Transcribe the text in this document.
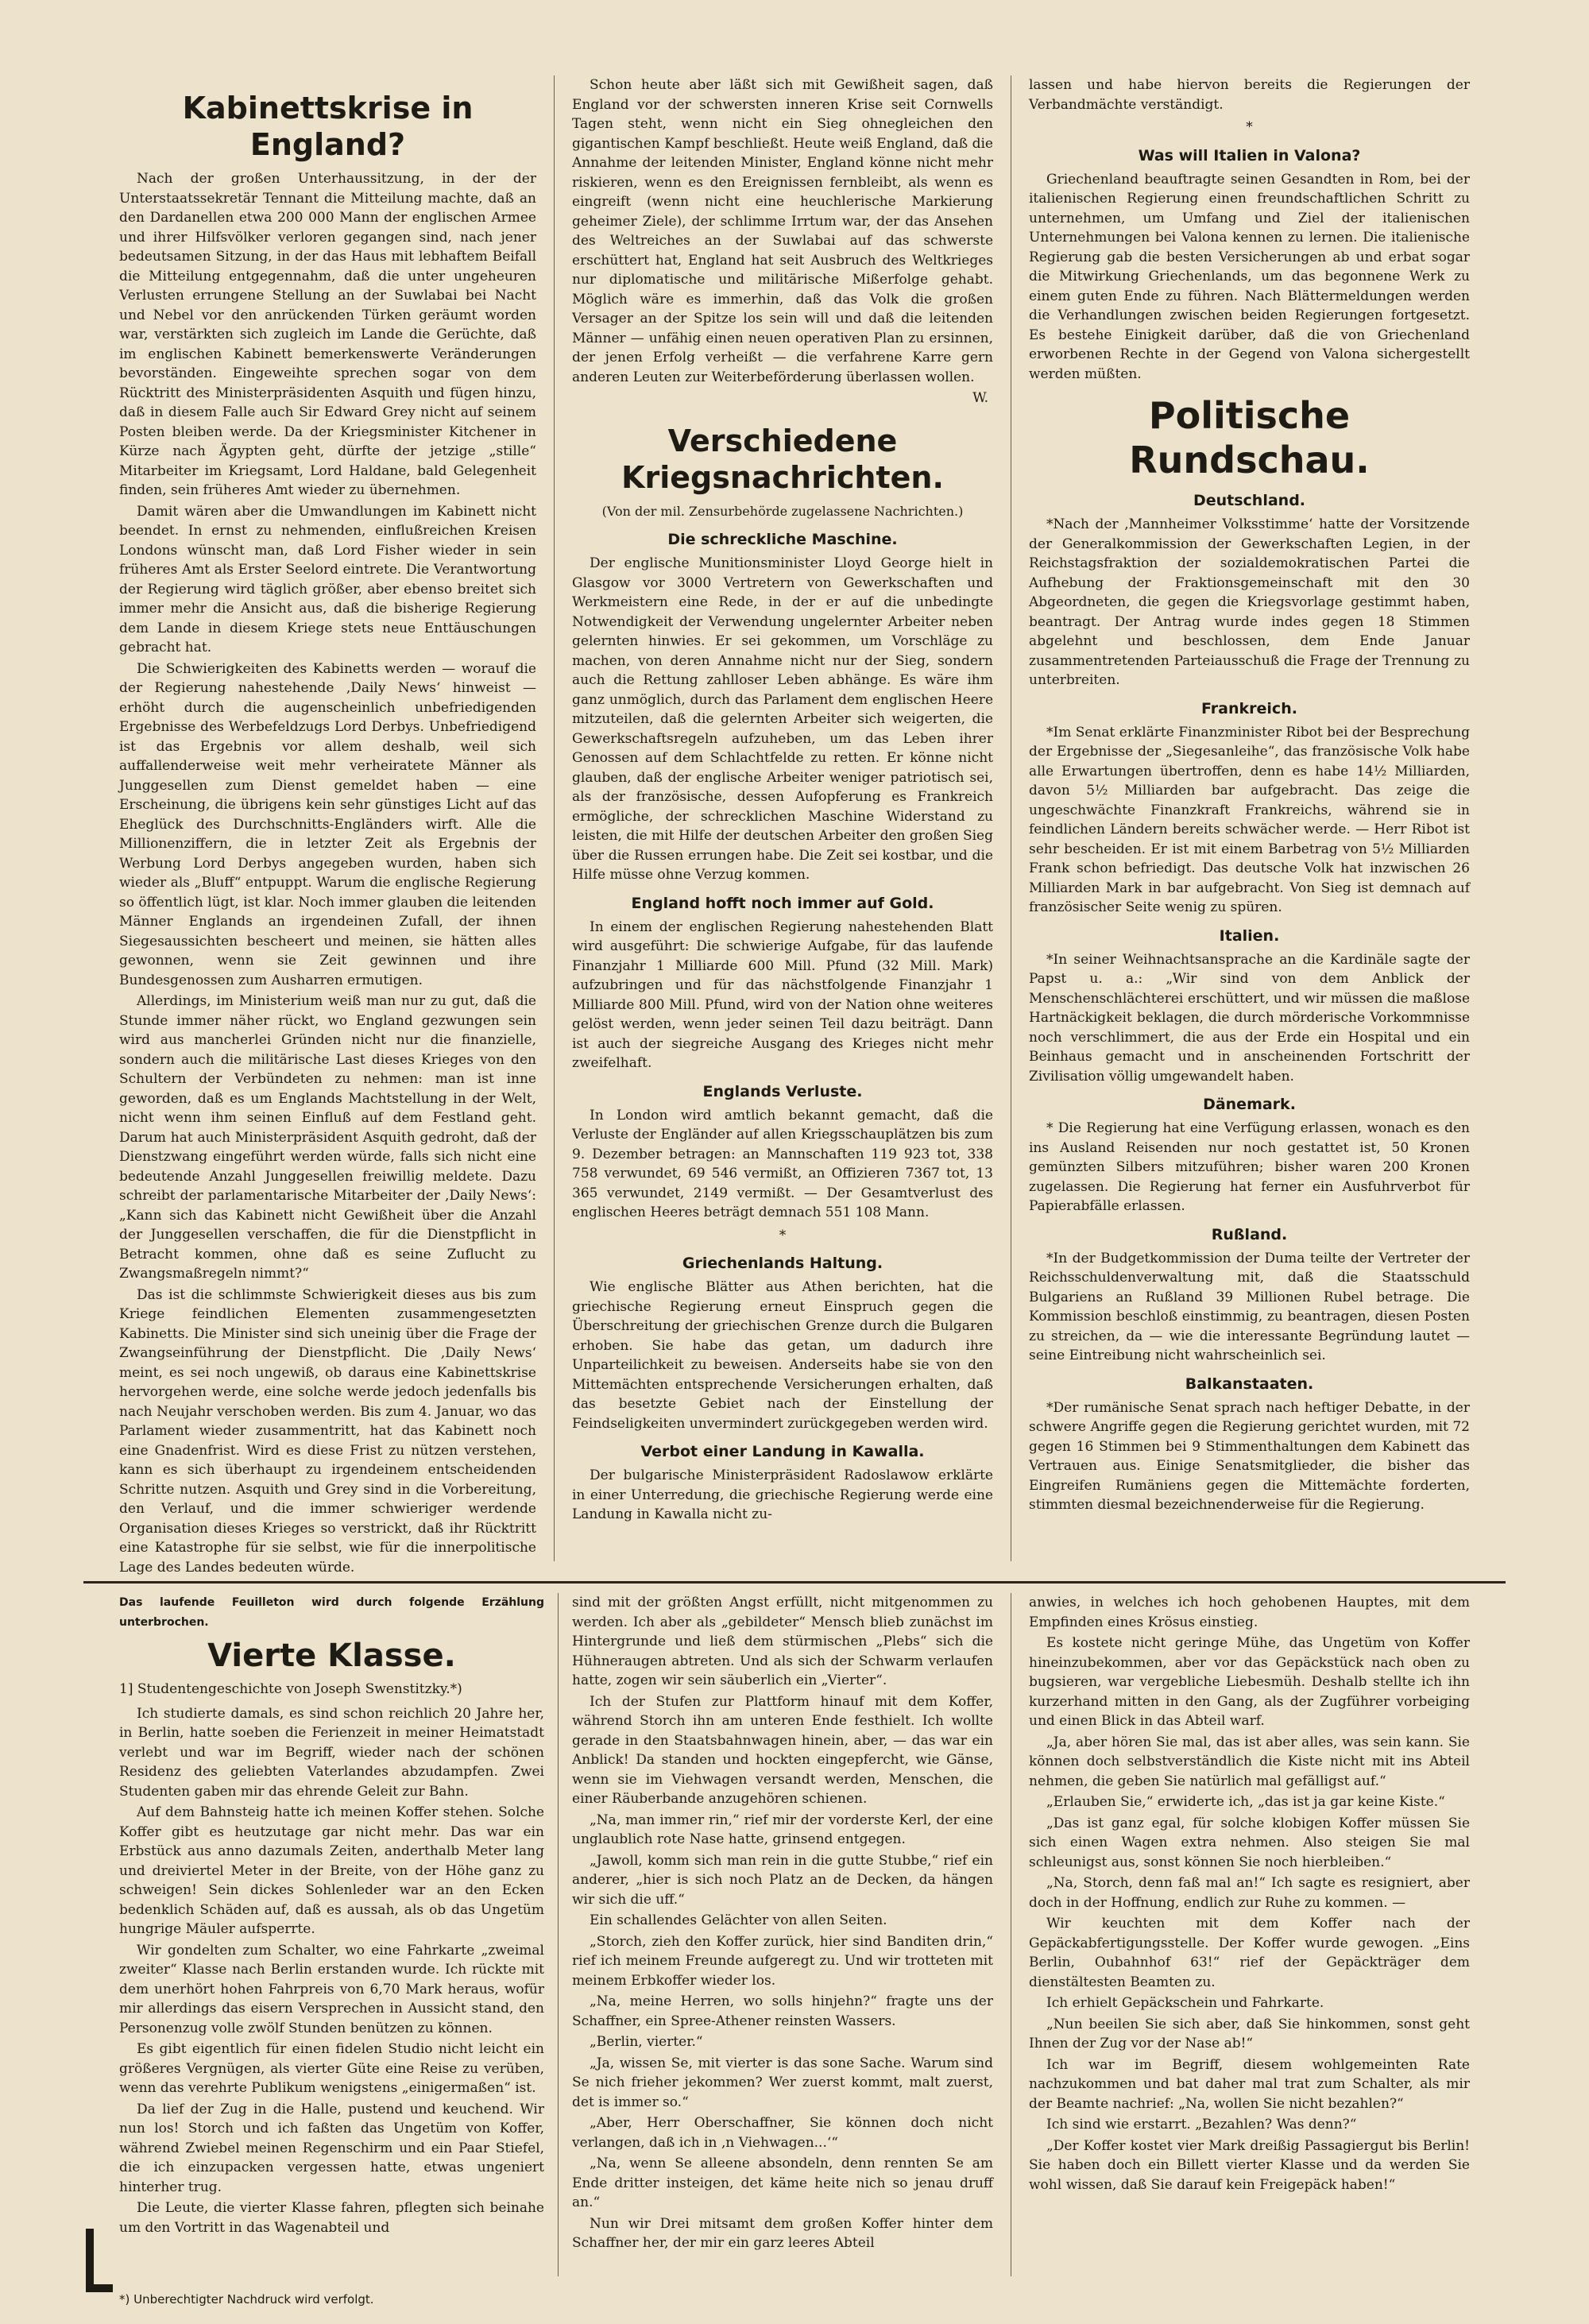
Kabinettskrise in England?

Nach der großen Unterhaussitzung, in der der Unterstaatssekretär Tennant die Mitteilung machte, daß an den Dardanellen etwa 200 000 Mann der englischen Armee und ihrer Hilfsvölker verloren gegangen sind, nach jener bedeutsamen Sitzung, in der das Haus mit lebhaftem Beifall die Mitteilung entgegennahm, daß die unter ungeheuren Verlusten errungene Stellung an der Suwlabai bei Nacht und Nebel vor den anrückenden Türken geräumt worden war, verstärkten sich zugleich im Lande die Gerüchte, daß im englischen Kabinett bemerkenswerte Veränderungen bevorständen. Eingeweihte sprechen sogar von dem Rücktritt des Ministerpräsidenten Asquith und fügen hinzu, daß in diesem Falle auch Sir Edward Grey nicht auf seinem Posten bleiben werde. Da der Kriegsminister Kitchener in Kürze nach Ägypten geht, dürfte der jetzige „stille“ Mitarbeiter im Kriegsamt, Lord Haldane, bald Gelegenheit finden, sein früheres Amt wieder zu übernehmen.

Damit wären aber die Umwandlungen im Kabinett nicht beendet. In ernst zu nehmenden, einflußreichen Kreisen Londons wünscht man, daß Lord Fisher wieder in sein früheres Amt als Erster Seelord eintrete. Die Verantwortung der Regierung wird täglich größer, aber ebenso breitet sich immer mehr die Ansicht aus, daß die bisherige Regierung dem Lande in diesem Kriege stets neue Enttäuschungen gebracht hat.

Die Schwierigkeiten des Kabinetts werden — worauf die der Regierung nahestehende ‚Daily News‘ hinweist — erhöht durch die augenscheinlich unbefriedigenden Ergebnisse des Werbefeldzugs Lord Derbys. Unbefriedigend ist das Ergebnis vor allem deshalb, weil sich auffallenderweise weit mehr verheiratete Männer als Junggesellen zum Dienst gemeldet haben — eine Erscheinung, die übrigens kein sehr günstiges Licht auf das Eheglück des Durchschnitts-Engländers wirft. Alle die Millionenziffern, die in letzter Zeit als Ergebnis der Werbung Lord Derbys angegeben wurden, haben sich wieder als „Bluff“ entpuppt. Warum die englische Regierung so öffentlich lügt, ist klar. Noch immer glauben die leitenden Männer Englands an irgendeinen Zufall, der ihnen Siegesaussichten bescheert und meinen, sie hätten alles gewonnen, wenn sie Zeit gewinnen und ihre Bundesgenossen zum Ausharren ermutigen.

Allerdings, im Ministerium weiß man nur zu gut, daß die Stunde immer näher rückt, wo England gezwungen sein wird aus mancherlei Gründen nicht nur die finanzielle, sondern auch die militärische Last dieses Krieges von den Schultern der Verbündeten zu nehmen: man ist inne geworden, daß es um Englands Machtstellung in der Welt, nicht wenn ihm seinen Einfluß auf dem Festland geht. Darum hat auch Ministerpräsident Asquith gedroht, daß der Dienstzwang eingeführt werden würde, falls sich nicht eine bedeutende Anzahl Junggesellen freiwillig meldete. Dazu schreibt der parlamentarische Mitarbeiter der ‚Daily News‘: „Kann sich das Kabinett nicht Gewißheit über die Anzahl der Junggesellen verschaffen, die für die Dienstpflicht in Betracht kommen, ohne daß es seine Zuflucht zu Zwangsmaßregeln nimmt?“

Das ist die schlimmste Schwierigkeit dieses aus bis zum Kriege feindlichen Elementen zusammengesetzten Kabinetts. Die Minister sind sich uneinig über die Frage der Zwangseinführung der Dienstpflicht. Die ‚Daily News‘ meint, es sei noch ungewiß, ob daraus eine Kabinettskrise hervorgehen werde, eine solche werde jedoch jedenfalls bis nach Neujahr verschoben werden. Bis zum 4. Januar, wo das Parlament wieder zusammentritt, hat das Kabinett noch eine Gnadenfrist. Wird es diese Frist zu nützen verstehen, kann es sich überhaupt zu irgendeinem entscheidenden Schritte nutzen. Asquith und Grey sind in die Vorbereitung, den Verlauf, und die immer schwieriger werdende Organisation dieses Krieges so verstrickt, daß ihr Rücktritt eine Katastrophe für sie selbst, wie für die innerpolitische Lage des Landes bedeuten würde.

Schon heute aber läßt sich mit Gewißheit sagen, daß England vor der schwersten inneren Krise seit Cornwells Tagen steht, wenn nicht ein Sieg ohnegleichen den gigantischen Kampf beschließt. Heute weiß England, daß die Annahme der leitenden Minister, England könne nicht mehr riskieren, wenn es den Ereignissen fernbleibt, als wenn es eingreift (wenn nicht eine heuchlerische Markierung geheimer Ziele), der schlimme Irrtum war, der das Ansehen des Weltreiches an der Suwlabai auf das schwerste erschüttert hat, England hat seit Ausbruch des Weltkrieges nur diplomatische und militärische Mißerfolge gehabt. Möglich wäre es immerhin, daß das Volk die großen Versager an der Spitze los sein will und daß die leitenden Männer — unfähig einen neuen operativen Plan zu ersinnen, der jenen Erfolg verheißt — die verfahrene Karre gern anderen Leuten zur Weiterbeförderung überlassen wollen.

W.
Verschiedene Kriegsnachrichten.
(Von der mil. Zensurbehörde zugelassene Nachrichten.)
Die schreckliche Maschine.

Der englische Munitionsminister Lloyd George hielt in Glasgow vor 3000 Vertretern von Gewerkschaften und Werkmeistern eine Rede, in der er auf die unbedingte Notwendigkeit der Verwendung ungelernter Arbeiter neben gelernten hinwies. Er sei gekommen, um Vorschläge zu machen, von deren Annahme nicht nur der Sieg, sondern auch die Rettung zahlloser Leben abhänge. Es wäre ihm ganz unmöglich, durch das Parlament dem englischen Heere mitzuteilen, daß die gelernten Arbeiter sich weigerten, die Gewerkschaftsregeln aufzuheben, um das Leben ihrer Genossen auf dem Schlachtfelde zu retten. Er könne nicht glauben, daß der englische Arbeiter weniger patriotisch sei, als der französische, dessen Aufopferung es Frankreich ermögliche, der schrecklichen Maschine Widerstand zu leisten, die mit Hilfe der deutschen Arbeiter den großen Sieg über die Russen errungen habe. Die Zeit sei kostbar, und die Hilfe müsse ohne Verzug kommen.

England hofft noch immer auf Gold.

In einem der englischen Regierung nahestehenden Blatt wird ausgeführt: Die schwierige Aufgabe, für das laufende Finanzjahr 1 Milliarde 600 Mill. Pfund (32 Mill. Mark) aufzubringen und für das nächstfolgende Finanzjahr 1 Milliarde 800 Mill. Pfund, wird von der Nation ohne weiteres gelöst werden, wenn jeder seinen Teil dazu beiträgt. Dann ist auch der siegreiche Ausgang des Krieges nicht mehr zweifelhaft.

Englands Verluste.

In London wird amtlich bekannt gemacht, daß die Verluste der Engländer auf allen Kriegsschauplätzen bis zum 9. Dezember betragen: an Mannschaften 119 923 tot, 338 758 verwundet, 69 546 vermißt, an Offizieren 7367 tot, 13 365 verwundet, 2149 vermißt. — Der Gesamtverlust des englischen Heeres beträgt demnach 551 108 Mann.

*
Griechenlands Haltung.

Wie englische Blätter aus Athen berichten, hat die griechische Regierung erneut Einspruch gegen die Überschreitung der griechischen Grenze durch die Bulgaren erhoben. Sie habe das getan, um dadurch ihre Unparteilichkeit zu beweisen. Anderseits habe sie von den Mittemächten entsprechende Versicherungen erhalten, daß das besetzte Gebiet nach der Einstellung der Feindseligkeiten unvermindert zurückgegeben werden wird.

Verbot einer Landung in Kawalla.

Der bulgarische Ministerpräsident Radoslawow erklärte in einer Unterredung, die griechische Regierung werde eine Landung in Kawalla nicht zu-

lassen und habe hiervon bereits die Regierungen der Verbandmächte verständigt.

*
Was will Italien in Valona?

Griechenland beauftragte seinen Gesandten in Rom, bei der italienischen Regierung einen freundschaftlichen Schritt zu unternehmen, um Umfang und Ziel der italienischen Unternehmungen bei Valona kennen zu lernen. Die italienische Regierung gab die besten Versicherungen ab und erbat sogar die Mitwirkung Griechenlands, um das begonnene Werk zu einem guten Ende zu führen. Nach Blättermeldungen werden die Verhandlungen zwischen beiden Regierungen fortgesetzt. Es bestehe Einigkeit darüber, daß die von Griechenland erworbenen Rechte in der Gegend von Valona sichergestellt werden müßten.

Politische Rundschau.
Deutschland.

*Nach der ‚Mannheimer Volksstimme‘ hatte der Vorsitzende der Generalkommission der Gewerkschaften Legien, in der Reichstagsfraktion der sozialdemokratischen Partei die Aufhebung der Fraktionsgemeinschaft mit den 30 Abgeordneten, die gegen die Kriegsvorlage gestimmt haben, beantragt. Der Antrag wurde indes gegen 18 Stimmen abgelehnt und beschlossen, dem Ende Januar zusammentretenden Parteiausschuß die Frage der Trennung zu unterbreiten.

Frankreich.

*Im Senat erklärte Finanzminister Ribot bei der Besprechung der Ergebnisse der „Siegesanleihe“, das französische Volk habe alle Erwartungen übertroffen, denn es habe 14½ Milliarden, davon 5½ Milliarden bar aufgebracht. Das zeige die ungeschwächte Finanzkraft Frankreichs, während sie in feindlichen Ländern bereits schwächer werde. — Herr Ribot ist sehr bescheiden. Er ist mit einem Barbetrag von 5½ Milliarden Frank schon befriedigt. Das deutsche Volk hat inzwischen 26 Milliarden Mark in bar aufgebracht. Von Sieg ist demnach auf französischer Seite wenig zu spüren.

Italien.

*In seiner Weihnachtsansprache an die Kardinäle sagte der Papst u. a.: „Wir sind von dem Anblick der Menschenschlächterei erschüttert, und wir müssen die maßlose Hartnäckigkeit beklagen, die durch mörderische Vorkommnisse noch verschlimmert, die aus der Erde ein Hospital und ein Beinhaus gemacht und in anscheinenden Fortschritt der Zivilisation völlig umgewandelt haben.

Dänemark.

* Die Regierung hat eine Verfügung erlassen, wonach es den ins Ausland Reisenden nur noch gestattet ist, 50 Kronen gemünzten Silbers mitzuführen; bisher waren 200 Kronen zugelassen. Die Regierung hat ferner ein Ausfuhrverbot für Papierabfälle erlassen.

Rußland.

*In der Budgetkommission der Duma teilte der Vertreter der Reichsschuldenverwaltung mit, daß die Staatsschuld Bulgariens an Rußland 39 Millionen Rubel betrage. Die Kommission beschloß einstimmig, zu beantragen, diesen Posten zu streichen, da — wie die interessante Begründung lautet — seine Eintreibung nicht wahrscheinlich sei.

Balkanstaaten.

*Der rumänische Senat sprach nach heftiger Debatte, in der schwere Angriffe gegen die Regierung gerichtet wurden, mit 72 gegen 16 Stimmen bei 9 Stimmenthaltungen dem Kabinett das Vertrauen aus. Einige Senatsmitglieder, die bisher das Eingreifen Rumäniens gegen die Mittemächte forderten, stimmten diesmal bezeichnenderweise für die Regierung.

Das laufende Feuilleton wird durch folgende Erzählung unterbrochen.
Vierte Klasse.
1] Studentengeschichte von Joseph Swenstitzky.*)

Ich studierte damals, es sind schon reichlich 20 Jahre her, in Berlin, hatte soeben die Ferienzeit in meiner Heimatstadt verlebt und war im Begriff, wieder nach der schönen Residenz des geliebten Vaterlandes abzudampfen. Zwei Studenten gaben mir das ehrende Geleit zur Bahn.

Auf dem Bahnsteig hatte ich meinen Koffer stehen. Solche Koffer gibt es heutzutage gar nicht mehr. Das war ein Erbstück aus anno dazumals Zeiten, anderthalb Meter lang und dreiviertel Meter in der Breite, von der Höhe ganz zu schweigen! Sein dickes Sohlenleder war an den Ecken bedenklich Schäden auf, daß es aussah, als ob das Ungetüm hungrige Mäuler aufsperrte.

Wir gondelten zum Schalter, wo eine Fahrkarte „zweimal zweiter“ Klasse nach Berlin erstanden wurde. Ich rückte mit dem unerhört hohen Fahrpreis von 6,70 Mark heraus, wofür mir allerdings das eisern Versprechen in Aussicht stand, den Personenzug volle zwölf Stunden benützen zu können.

Es gibt eigentlich für einen fidelen Studio nicht leicht ein größeres Vergnügen, als vierter Güte eine Reise zu verüben, wenn das verehrte Publikum wenigstens „einigermaßen“ ist.

Da lief der Zug in die Halle, pustend und keuchend. Wir nun los! Storch und ich faßten das Ungetüm von Koffer, während Zwiebel meinen Regenschirm und ein Paar Stiefel, die ich einzupacken vergessen hatte, etwas ungeniert hinterher trug.

Die Leute, die vierter Klasse fahren, pflegten sich beinahe um den Vortritt in das Wagenabteil und

sind mit der größten Angst erfüllt, nicht mitgenommen zu werden. Ich aber als „gebildeter“ Mensch blieb zunächst im Hintergrunde und ließ dem stürmischen „Plebs“ sich die Hühneraugen abtreten. Und als sich der Schwarm verlaufen hatte, zogen wir sein säuberlich ein „Vierter“.

Ich der Stufen zur Plattform hinauf mit dem Koffer, während Storch ihn am unteren Ende festhielt. Ich wollte gerade in den Staatsbahnwagen hinein, aber, — das war ein Anblick! Da standen und hockten eingepfercht, wie Gänse, wenn sie im Viehwagen versandt werden, Menschen, die einer Räuberbande anzugehören schienen.

„Na, man immer rin,“ rief mir der vorderste Kerl, der eine unglaublich rote Nase hatte, grinsend entgegen.

„Jawoll, komm sich man rein in die gutte Stubbe,“ rief ein anderer, „hier is sich noch Platz an de Decken, da hängen wir sich die uff.“

Ein schallendes Gelächter von allen Seiten.

„Storch, zieh den Koffer zurück, hier sind Banditen drin,“ rief ich meinem Freunde aufgeregt zu. Und wir trotteten mit meinem Erbkoffer wieder los.

„Na, meine Herren, wo solls hinjehn?“ fragte uns der Schaffner, ein Spree-Athener reinsten Wassers.

„Berlin, vierter.“

„Ja, wissen Se, mit vierter is das sone Sache. Warum sind Se nich frieher jekommen? Wer zuerst kommt, malt zuerst, det is immer so.“

„Aber, Herr Oberschaffner, Sie können doch nicht verlangen, daß ich in ‚n Viehwagen...‘“

„Na, wenn Se alleene absondeln, denn rennten Se am Ende dritter insteigen, det käme heite nich so jenau druff an.“

Nun wir Drei mitsamt dem großen Koffer hinter dem Schaffner her, der mir ein garz leeres Abteil

anwies, in welches ich hoch gehobenen Hauptes, mit dem Empfinden eines Krösus einstieg.

Es kostete nicht geringe Mühe, das Ungetüm von Koffer hineinzubekommen, aber vor das Gepäckstück nach oben zu bugsieren, war vergebliche Liebesmüh. Deshalb stellte ich ihn kurzerhand mitten in den Gang, als der Zugführer vorbeiging und einen Blick in das Abteil warf.

„Ja, aber hören Sie mal, das ist aber alles, was sein kann. Sie können doch selbstverständlich die Kiste nicht mit ins Abteil nehmen, die geben Sie natürlich mal gefälligst auf.“

„Erlauben Sie,“ erwiderte ich, „das ist ja gar keine Kiste.“

„Das ist ganz egal, für solche klobigen Koffer müssen Sie sich einen Wagen extra nehmen. Also steigen Sie mal schleunigst aus, sonst können Sie noch hierbleiben.“

„Na, Storch, denn faß mal an!“ Ich sagte es resigniert, aber doch in der Hoffnung, endlich zur Ruhe zu kommen. —

Wir keuchten mit dem Koffer nach der Gepäckabfertigungsstelle. Der Koffer wurde gewogen. „Eins Berlin, Oubahnhof 63!“ rief der Gepäckträger dem dienstältesten Beamten zu.

Ich erhielt Gepäckschein und Fahrkarte.

„Nun beeilen Sie sich aber, daß Sie hinkommen, sonst geht Ihnen der Zug vor der Nase ab!“

Ich war im Begriff, diesem wohlgemeinten Rate nachzukommen und bat daher mal trat zum Schalter, als mir der Beamte nachrief: „Na, wollen Sie nicht bezahlen?“

Ich sind wie erstarrt. „Bezahlen? Was denn?“

„Der Koffer kostet vier Mark dreißig Passagiergut bis Berlin! Sie haben doch ein Billett vierter Klasse und da werden Sie wohl wissen, daß Sie darauf kein Freigepäck haben!“

*) Unberechtigter Nachdruck wird verfolgt.
